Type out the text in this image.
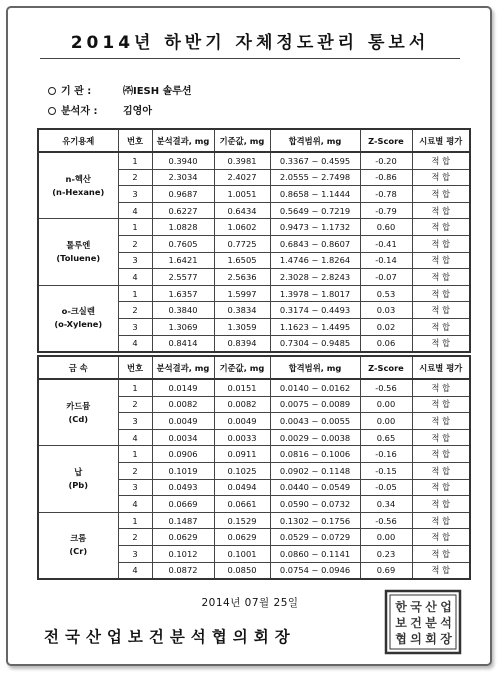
2014년 하반기 자체정도관리 통보서
기 관 :	㈜IESH 솔루션
분석자 :	김영아
유기용제	번호	분석결과, mg	기준값, mg	합격범위, mg	Z-Score	시료별 평가

n-헥산
(n-Hexane)	1	0.3940	0.3981	0.3367 ~ 0.4595	-0.20	적 합
	2	2.3034	2.4027	2.0555 ~ 2.7498	-0.86	적 합
	3	0.9687	1.0051	0.8658 ~ 1.1444	-0.78	적 합
	4	0.6227	0.6434	0.5649 ~ 0.7219	-0.79	적 합

톨루엔
(Toluene)	1	1.0828	1.0602	0.9473 ~ 1.1732	0.60	적 합
	2	0.7605	0.7725	0.6843 ~ 0.8607	-0.41	적 합
	3	1.6421	1.6505	1.4746 ~ 1.8264	-0.14	적 합
	4	2.5577	2.5636	2.3028 ~ 2.8243	-0.07	적 합

o-크실렌
(o-Xylene)	1	1.6357	1.5997	1.3978 ~ 1.8017	0.53	적 합
	2	0.3840	0.3834	0.3174 ~ 0.4493	0.03	적 합
	3	1.3069	1.3059	1.1623 ~ 1.4495	0.02	적 합
	4	0.8414	0.8394	0.7304 ~ 0.9485	0.06	적 합
금 속	번호	분석결과, mg	기준값, mg	합격범위, mg	Z-Score	시료별 평가

카드뮴
(Cd)	1	0.0149	0.0151	0.0140 ~ 0.0162	-0.56	적 합
	2	0.0082	0.0082	0.0075 ~ 0.0089	0.00	적 합
	3	0.0049	0.0049	0.0043 ~ 0.0055	0.00	적 합
	4	0.0034	0.0033	0.0029 ~ 0.0038	0.65	적 합

납
(Pb)	1	0.0906	0.0911	0.0816 ~ 0.1006	-0.16	적 합
	2	0.1019	0.1025	0.0902 ~ 0.1148	-0.15	적 합
	3	0.0493	0.0494	0.0440 ~ 0.0549	-0.05	적 합
	4	0.0669	0.0661	0.0590 ~ 0.0732	0.34	적 합

크롬
(Cr)	1	0.1487	0.1529	0.1302 ~ 0.1756	-0.56	적 합
	2	0.0629	0.0629	0.0529 ~ 0.0729	0.00	적 합
	3	0.1012	0.1001	0.0860 ~ 0.1141	0.23	적 합
	4	0.0872	0.0850	0.0754 ~ 0.0946	0.69	적 합
2014년 07월 25일
전국산업보건분석협의회장
한 국 산 업
보 건 분 석
협 의 회 장
